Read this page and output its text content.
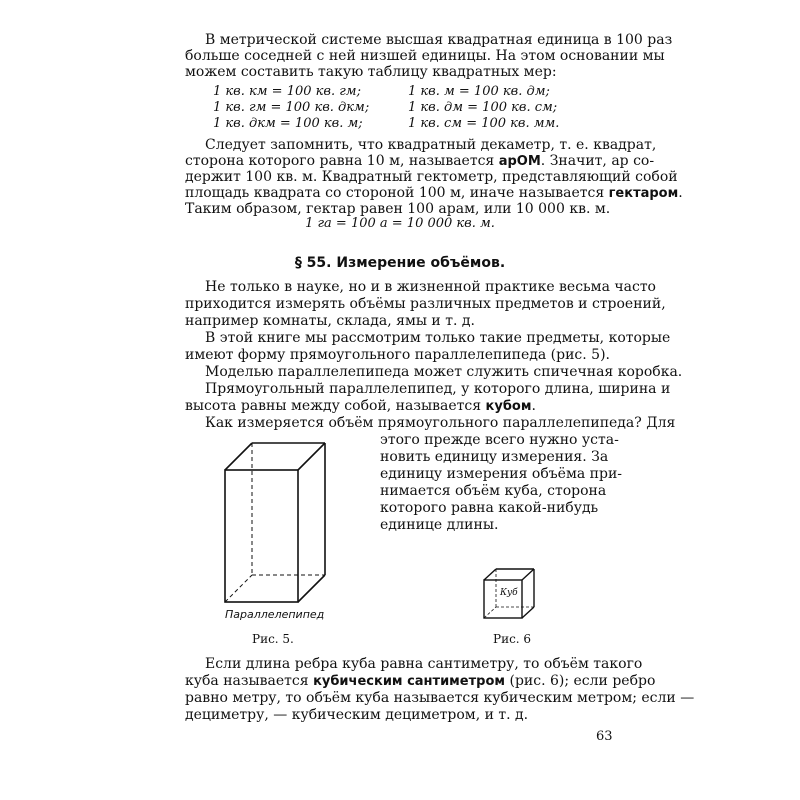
В метрической системе высшая квадратная единица в 100 раз
больше соседней с ней низшей единицы. На этом основании мы
можем составить такую таблицу квадратных мер:
1 кв. км = 100 кв. гм;	1 кв. м = 100 кв. дм;
1 кв. гм = 100 кв. дкм;	1 кв. дм = 100 кв. см;
1 кв. дкм = 100 кв. м;	1 кв. см = 100 кв. мм.
Следует запомнить, что квадратный декаметр, т. е. квадрат,
сторона которого равна 10 м, называется арОМ. Значит, ар со-
держит 100 кв. м. Квадратный гектометр, представляющий собой
площадь квадрата со стороной 100 м, иначе называется гектаром.
Таким образом, гектар равен 100 арам, или 10 000 кв. м.
1 га = 100 а = 10 000 кв. м.
§ 55. Измерение объёмов.
Не только в науке, но и в жизненной практике весьма часто
приходится измерять объёмы различных предметов и строений,
например комнаты, склада, ямы и т. д.
В этой книге мы рассмотрим только такие предметы, которые
имеют форму прямоугольного параллелепипеда (рис. 5).
Моделью параллелепипеда может служить спичечная коробка.
Прямоугольный параллелепипед, у которого длина, ширина и
высота равны между собой, называется кубом.
Как измеряется объём прямоугольного параллелепипеда? Для
этого прежде всего нужно уста-
новить единицу измерения. За
единицу измерения объёма при-
нимается объём куба, сторона
которого равна какой-нибудь
единице длины.
Параллелепипед
Рис. 5.
Куб
Рис. 6
Если длина ребра куба равна сантиметру, то объём такого
куба называется кубическим сантиметром (рис. 6); если ребро
равно метру, то объём куба называется кубическим метром; если —
дециметру, — кубическим дециметром, и т. д.
63
